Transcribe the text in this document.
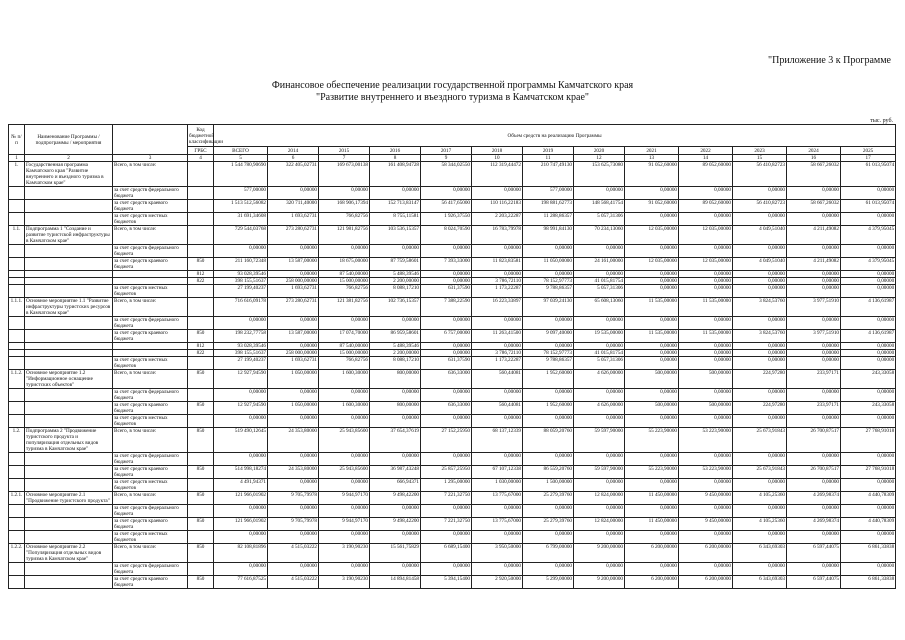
"Приложение 3 к Программе
Финансовое обеспечение реализации государственной программы Камчатского края
"Развитие внутреннего и въездного туризма в Камчатском крае"
тыс. руб.
№ п/п	Наименование Программы / подпрограммы / мероприятия		Код бюджетной классификации	Объем средств на реализацию Программы												
			ГРБС	ВСЕГО	2014	2015	2016	2017	2018	2019	2020	2021	2022	2023	2024	2025
1	2	3	4	5	6	7	8	9	10	11	12	13	14	15	16	17
1.	Государственная программа Камчатского края "Развитие внутреннего и въездного туризма в Камчатском крае"	Всего, в том числе:		1 544 780,90690	322 405,02731	169 673,00138	161 408,94728	58 344,02550	112 319,44472	210 747,49130	153 625,73080	91 052,60000	89 052,60000	56 410,82723	58 667,26032	61 013,95074
		за счет средств федерального бюджета		577,00000	0,00000	0,00000	0,00000	0,00000	0,00000	577,00000	0,00000	0,00000	0,00000	0,00000	0,00000	0,00000
		за счет средств краевого бюджета		1 513 512,56082	320 711,40000	168 906,17394	152 713,83147	56 417,65000	110 116,22183	198 881,62773	148 568,41754	91 052,60000	89 052,60000	56 410,82723	58 667,26032	61 013,95074
		за счет средств местных бюджетов		31 691,34608	1 693,62731	766,82756	8 755,11581	1 926,37550	2 203,22287	11 288,86357	5 057,31306	0,00000	0,00000	0,00000	0,00000	0,00000
1.1.	Подпрограмма 1 "Создание и развитие туристской инфраструктуры в Камчатском крае"	Всего, в том числе:		729 544,03768	273 280,62731	121 981,82756	103 536,15357	8 024,70590	16 783,79978	98 991,84130	70 234,13060	12 035,00000	12 035,00000	4 049,51040	4 211,49082	4 379,95045
		за счет средств федерального бюджета		0,00000	0,00000	0,00000	0,00000	0,00000	0,00000	0,00000	0,00000	0,00000	0,00000	0,00000	0,00000	0,00000
		за счет средств краевого бюджета	850	211 160,72348	13 587,00000	18 675,00000	87 759,58601	7 393,33000	11 823,83581	11 050,00000	24 161,00000	12 035,00000	12 035,00000	4 049,51040	4 211,49082	4 379,95045
			812	93 028,39546	0,00000	87 540,00000	5 488,39546	0,00000	0,00000	0,00000	0,00000	0,00000	0,00000	0,00000	0,00000	0,00000
			822	398 155,51637	258 000,00000	15 000,00000	2 200,00000	0,00000	3 786,72110	78 152,97773	41 015,81754	0,00000	0,00000	0,00000	0,00000	0,00000
		за счет средств местных бюджетов		27 199,40237	1 693,62731	766,82756	8 088,17210	631,37590	1 173,22287	9 788,86357	5 057,31306	0,00000	0,00000	0,00000	0,00000	0,00000
1.1.1.	Основное мероприятие 1.1 "Развитие инфраструктуры туристских ресурсов в Камчатском крае"	Всего, в том числе:		716 616,09178	273 280,62731	121 381,82756	102 736,15357	7 388,22590	16 223,33897	97 039,24130	65 608,13060	11 535,00000	11 535,00000	3 824,53760	3 977,51910	4 136,61987
		за счет средств федерального бюджета		0,00000	0,00000	0,00000	0,00000	0,00000	0,00000	0,00000	0,00000	0,00000	0,00000	0,00000	0,00000	0,00000
		за счет средств краевого бюджета	850	198 232,77758	13 587,00000	17 074,70000	86 959,58601	6 757,00000	11 263,41500	9 097,40000	19 535,00000	11 535,00000	11 535,00000	3 824,53760	3 977,51910	4 136,61987
			812	93 028,39546	0,00000	87 540,00000	5 488,39546	0,00000	0,00000	0,00000	0,00000	0,00000	0,00000	0,00000	0,00000	0,00000
			822	398 155,51637	258 000,00000	15 000,00000	2 200,00000	0,00000	3 786,72110	78 152,97773	41 015,81754	0,00000	0,00000	0,00000	0,00000	0,00000
		за счет средств местных бюджетов		27 199,40237	1 693,62731	766,82756	8 088,17210	631,37590	1 173,22287	9 788,86357	5 057,31306	0,00000	0,00000	0,00000	0,00000	0,00000
1.1.2.	Основное мероприятие 1.2 "Информационное оснащение туристских объектов"	Всего, в том числе:	850	12 927,94590	1 050,00000	1 600,30000	800,00000	636,33000	560,44081	1 952,60000	4 626,00000	500,00000	500,00000	224,97280	233,97171	243,33058
		за счет средств федерального бюджета		0,00000	0,00000	0,00000	0,00000	0,00000	0,00000	0,00000	0,00000	0,00000	0,00000	0,00000	0,00000	0,00000
		за счет средств краевого бюджета	850	12 927,94590	1 050,00000	1 600,30000	800,00000	636,33000	560,44081	1 952,60000	4 626,00000	500,00000	500,00000	224,97280	233,97171	243,33058
		за счет средств местных бюджетов		0,00000	0,00000	0,00000	0,00000	0,00000	0,00000	0,00000	0,00000	0,00000	0,00000	0,00000	0,00000	0,00000
1.2.	Подпрограмма 2 "Продвижение туристского продукта и популяризация отдельных видов туризма в Камчатском крае"	Всего, в том числе:	850	519 490,12645	24 353,80000	25 943,85600	37 654,37619	27 152,25950	68 137,12339	88 059,20760	59 597,90000	55 223,90000	53 223,90000	25 673,91843	26 700,87517	27 768,91018
		за счет средств федерального бюджета		0,00000	0,00000	0,00000	0,00000	0,00000	0,00000	0,00000	0,00000	0,00000	0,00000	0,00000	0,00000	0,00000
		за счет средств краевого бюджета	850	514 998,18274	24 353,80000	25 943,85600	36 987,43248	25 857,25950	67 107,12338	86 559,20760	59 597,90000	55 223,90000	53 223,90000	25 673,91843	26 700,87517	27 768,91018
		за счет средств местных бюджетов		4 491,94371	0,00000	0,00000	666,94371	1 295,00000	1 030,00000	1 500,00000	0,00000	0,00000	0,00000	0,00000	0,00000	0,00000
1.2.1.	Основное мероприятие 2.1 "Продвижение туристского продукта"	Всего, в том числе:	850	121 966,01902	9 705,79978	9 944,97170	9 498,42200	7 221,32750	13 775,67000	25 279,39760	12 824,00000	11 450,00000	9 450,00000	4 105,25360	4 269,98374	4 440,78309
		за счет средств федерального бюджета		0,00000	0,00000	0,00000	0,00000	0,00000	0,00000	0,00000	0,00000	0,00000	0,00000	0,00000	0,00000	0,00000
		за счет средств краевого бюджета	850	121 966,01902	9 705,79978	9 944,97170	9 498,42200	7 221,32750	13 775,67000	25 279,39760	12 824,00000	11 450,00000	9 450,00000	4 105,25360	4 269,98374	4 440,78309
		за счет средств местных бюджетов		0,00000	0,00000	0,00000	0,00000	0,00000	0,00000	0,00000	0,00000	0,00000	0,00000	0,00000	0,00000	0,00000
1.2.2.	Основное мероприятие 2.2 "Популяризация отдельных видов туризма в Камчатском крае"	Всего, в том числе:	850	82 108,81896	4 515,03222	3 190,90230	15 561,75829	6 689,15400	3 950,50000	6 799,00000	9 200,00000	6 200,00000	6 200,00000	6 343,69303	6 597,44075	6 861,33838
		за счет средств федерального бюджета		0,00000	0,00000	0,00000	0,00000	0,00000	0,00000	0,00000	0,00000	0,00000	0,00000	0,00000	0,00000	0,00000
		за счет средств краевого бюджета	850	77 616,87525	4 515,03222	3 190,90230	14 894,81458	5 394,15400	2 920,50000	5 299,00000	9 200,00000	6 200,00000	6 200,00000	6 343,69303	6 597,44075	6 861,33838
